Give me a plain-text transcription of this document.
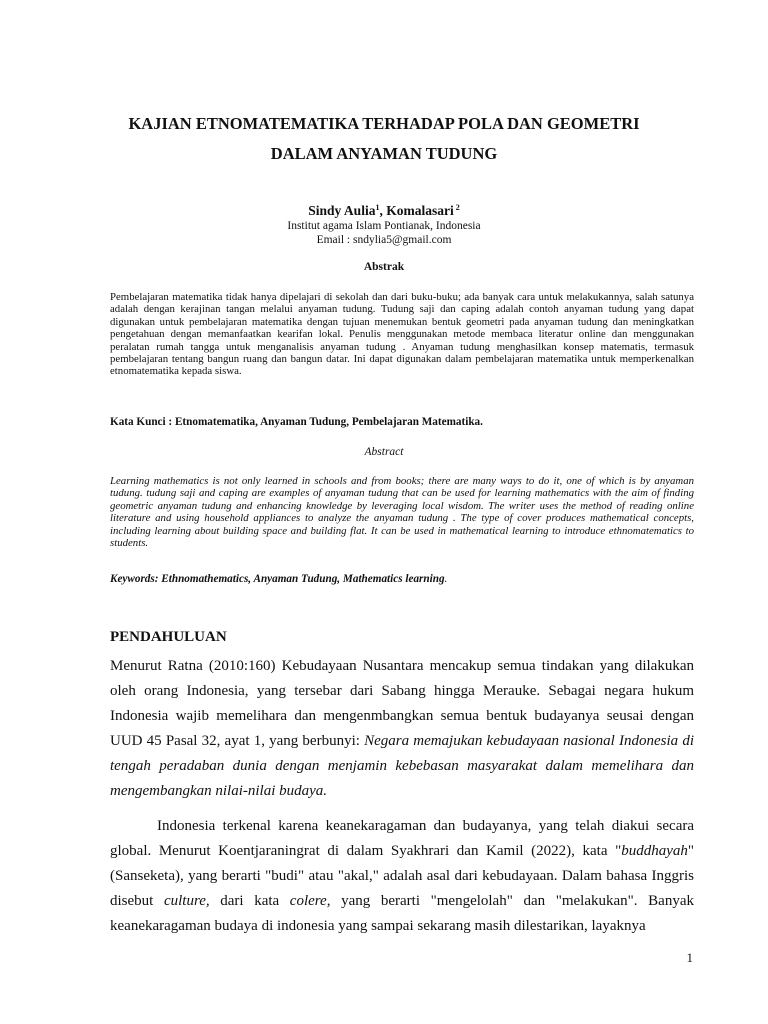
KAJIAN ETNOMATEMATIKA TERHADAP POLA DAN GEOMETRI
DALAM ANYAMAN TUDUNG
Sindy Aulia$^1$, Komalasari $^2$
Institut agama Islam Pontianak, Indonesia
Email : sndylia5@gmail.com
Abstrak
Pembelajaran matematika tidak hanya dipelajari di sekolah dan dari buku-buku; ada banyak cara untuk melakukannya, salah satunya adalah dengan kerajinan tangan melalui anyaman tudung. Tudung saji dan caping adalah contoh anyaman tudung yang dapat digunakan untuk pembelajaran matematika dengan tujuan menemukan bentuk geometri pada anyaman tudung dan meningkatkan pengetahuan dengan memanfaatkan kearifan lokal. Penulis menggunakan metode membaca literatur online dan menggunakan peralatan rumah tangga untuk menganalisis anyaman tudung . Anyaman tudung menghasilkan konsep matematis, termasuk pembelajaran tentang bangun ruang dan bangun datar. Ini dapat digunakan dalam pembelajaran matematika untuk memperkenalkan etnomatematika kepada siswa.
Kata Kunci : Etnomatematika, Anyaman Tudung, Pembelajaran Matematika.
Abstract
Learning mathematics is not only learned in schools and from books; there are many ways to do it, one of which is by anyaman tudung. tudung saji and caping are examples of anyaman tudung that can be used for learning mathematics with the aim of finding geometric anyaman tudung and enhancing knowledge by leveraging local wisdom. The writer uses the method of reading online literature and using household appliances to analyze the anyaman tudung . The type of cover produces mathematical concepts, including learning about building space and building flat. It can be used in mathematical learning to introduce ethnomatematics to students.
Keywords: Ethnomathematics, Anyaman Tudung, Mathematics learning.
PENDAHULUAN
Menurut Ratna (2010:160) Kebudayaan Nusantara mencakup semua tindakan yang dilakukan oleh orang Indonesia, yang tersebar dari Sabang hingga Merauke. Sebagai negara hukum Indonesia wajib memelihara dan mengenmbangkan semua bentuk budayanya seusai dengan UUD 45 Pasal 32, ayat 1, yang berbunyi: Negara memajukan kebudayaan nasional Indonesia di tengah peradaban dunia dengan menjamin kebebasan masyarakat dalam memelihara dan mengembangkan nilai-nilai budaya.
Indonesia terkenal karena keanekaragaman dan budayanya, yang telah diakui secara global. Menurut Koentjaraningrat di dalam Syakhrari dan Kamil (2022), kata "buddhayah" (Sanseketa), yang berarti "budi" atau "akal," adalah asal dari kebudayaan. Dalam bahasa Inggris disebut culture, dari kata colere, yang berarti "mengelolah" dan "melakukan". Banyak keanekaragaman budaya di indonesia yang sampai sekarang masih dilestarikan, layaknya
1
